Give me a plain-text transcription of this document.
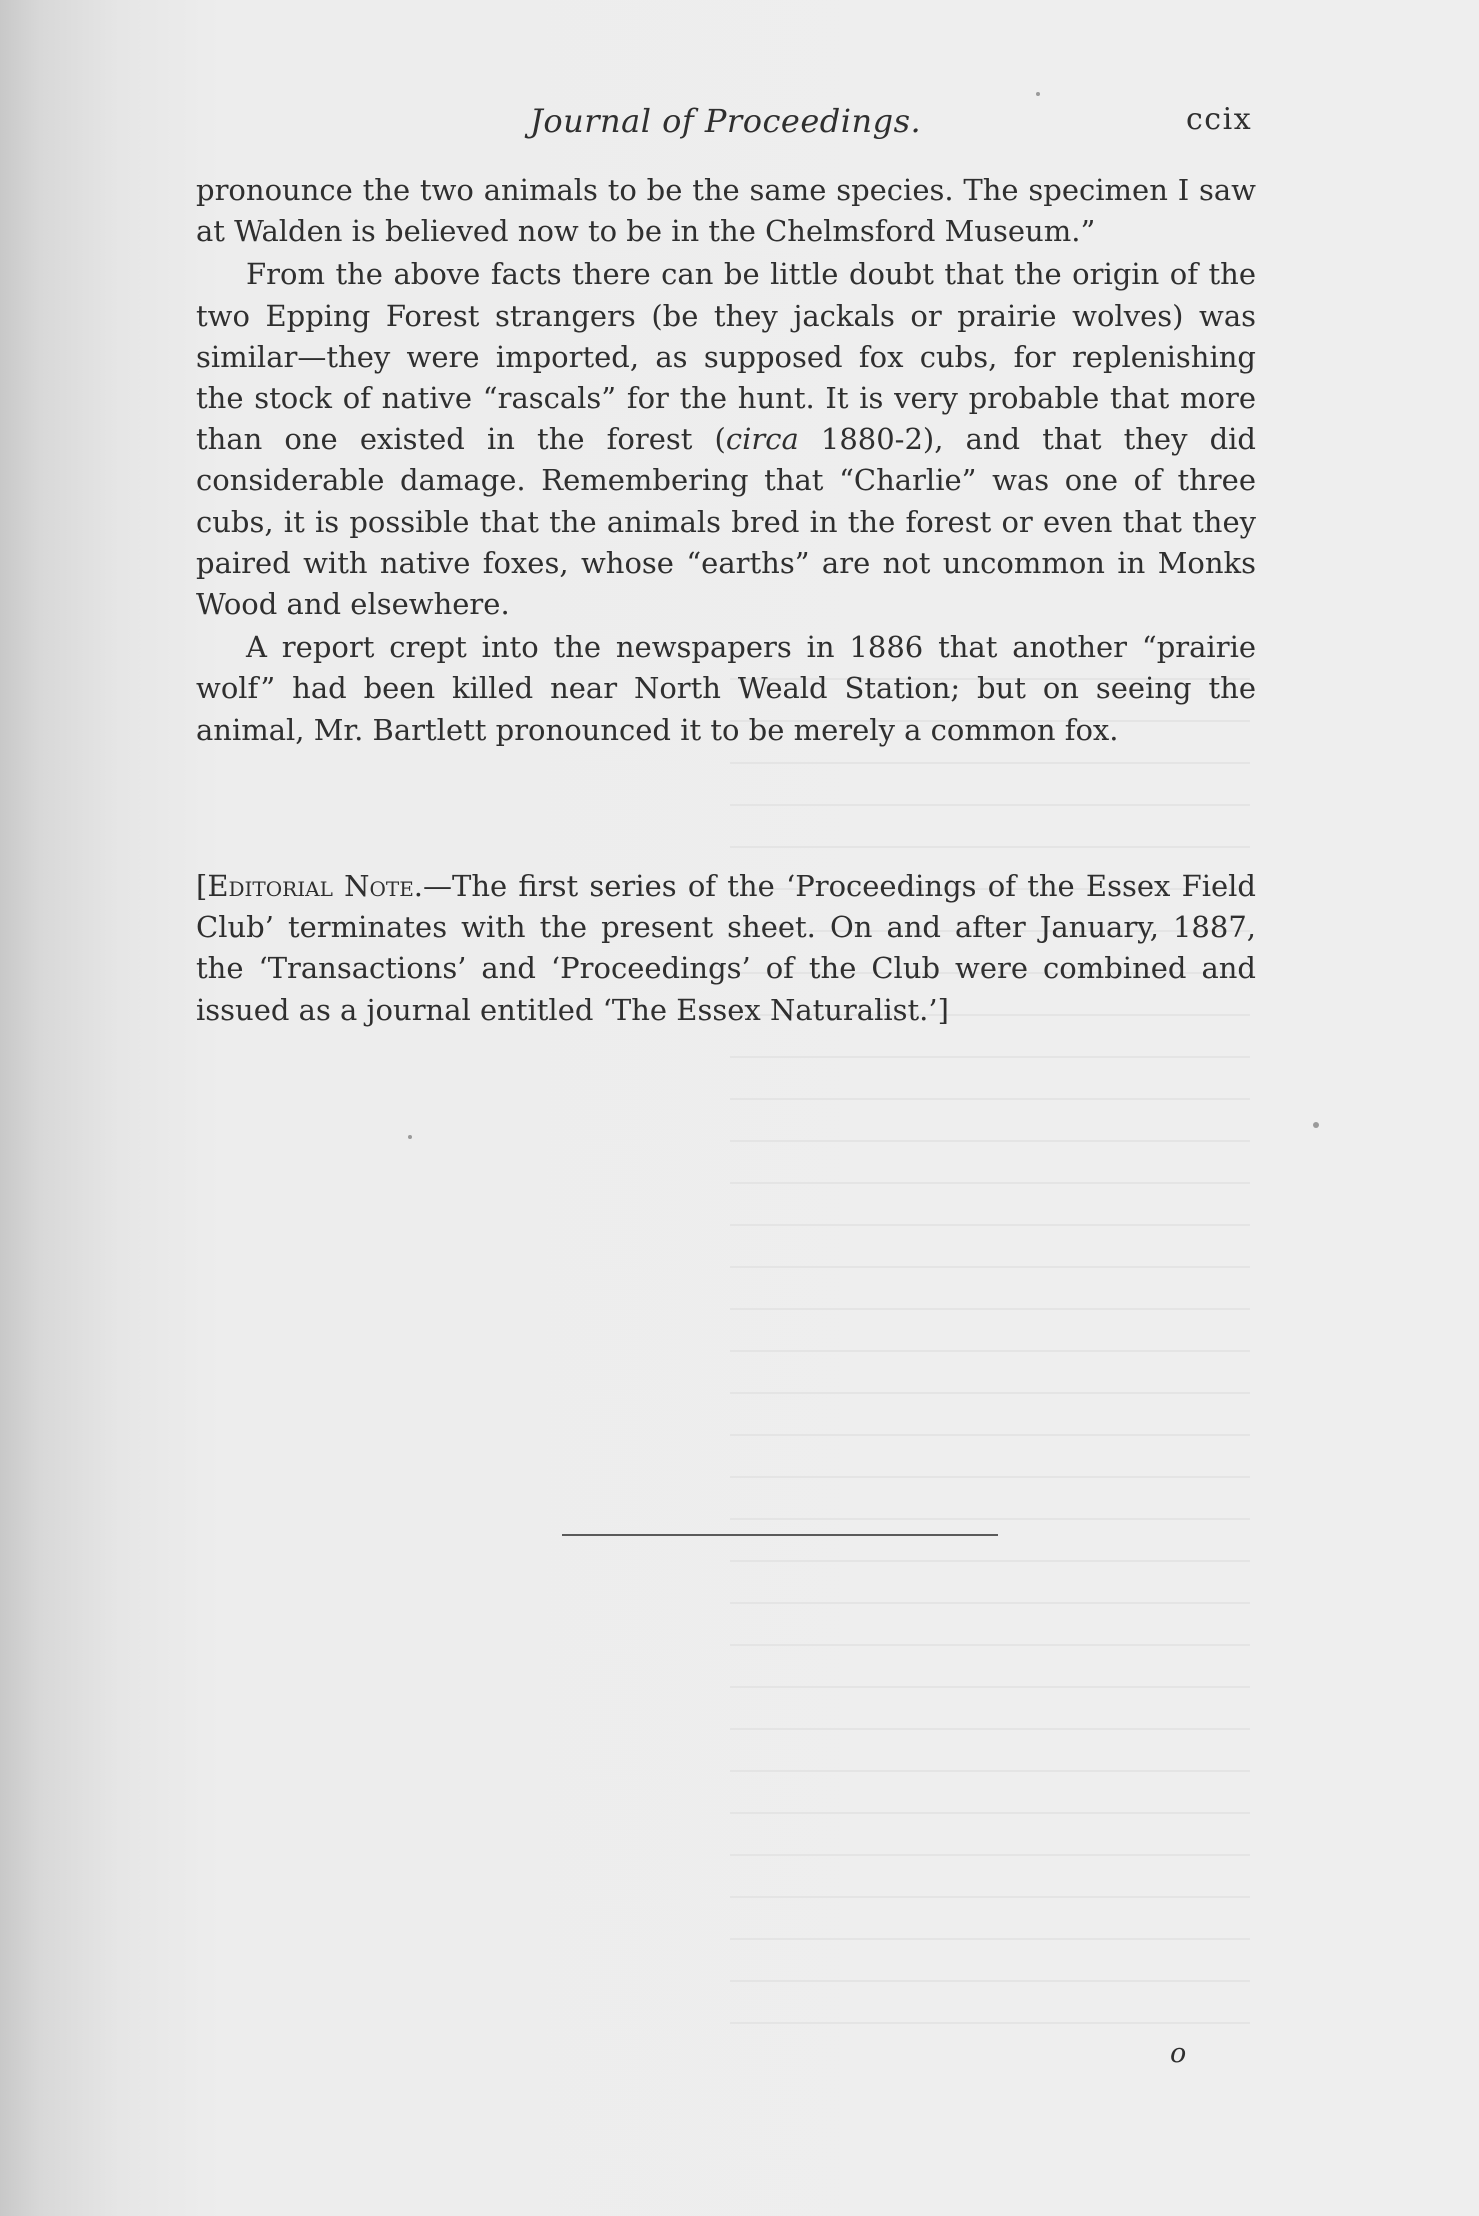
Journal of Proceedings.	ccix

pronounce the two animals to be the same species. The specimen I saw at Walden is believed now to be in the Chelmsford Museum.”

From the above facts there can be little doubt that the origin of the two Epping Forest strangers (be they jackals or prairie wolves) was similar—they were imported, as supposed fox cubs, for replenishing the stock of native “rascals” for the hunt. It is very probable that more than one existed in the forest (circa 1880-2), and that they did considerable damage. Remembering that “Charlie” was one of three cubs, it is possible that the animals bred in the forest or even that they paired with native foxes, whose “earths” are not uncommon in Monks Wood and elsewhere.

A report crept into the newspapers in 1886 that another “prairie wolf” had been killed near North Weald Station; but on seeing the animal, Mr. Bartlett pronounced it to be merely a common fox.

[Editorial Note.—The first series of the ‘Proceedings of the Essex Field Club’ terminates with the present sheet. On and after January, 1887, the ‘Transactions’ and ‘Proceedings’ of the Club were combined and issued as a journal entitled ‘The Essex Naturalist.’]

o
